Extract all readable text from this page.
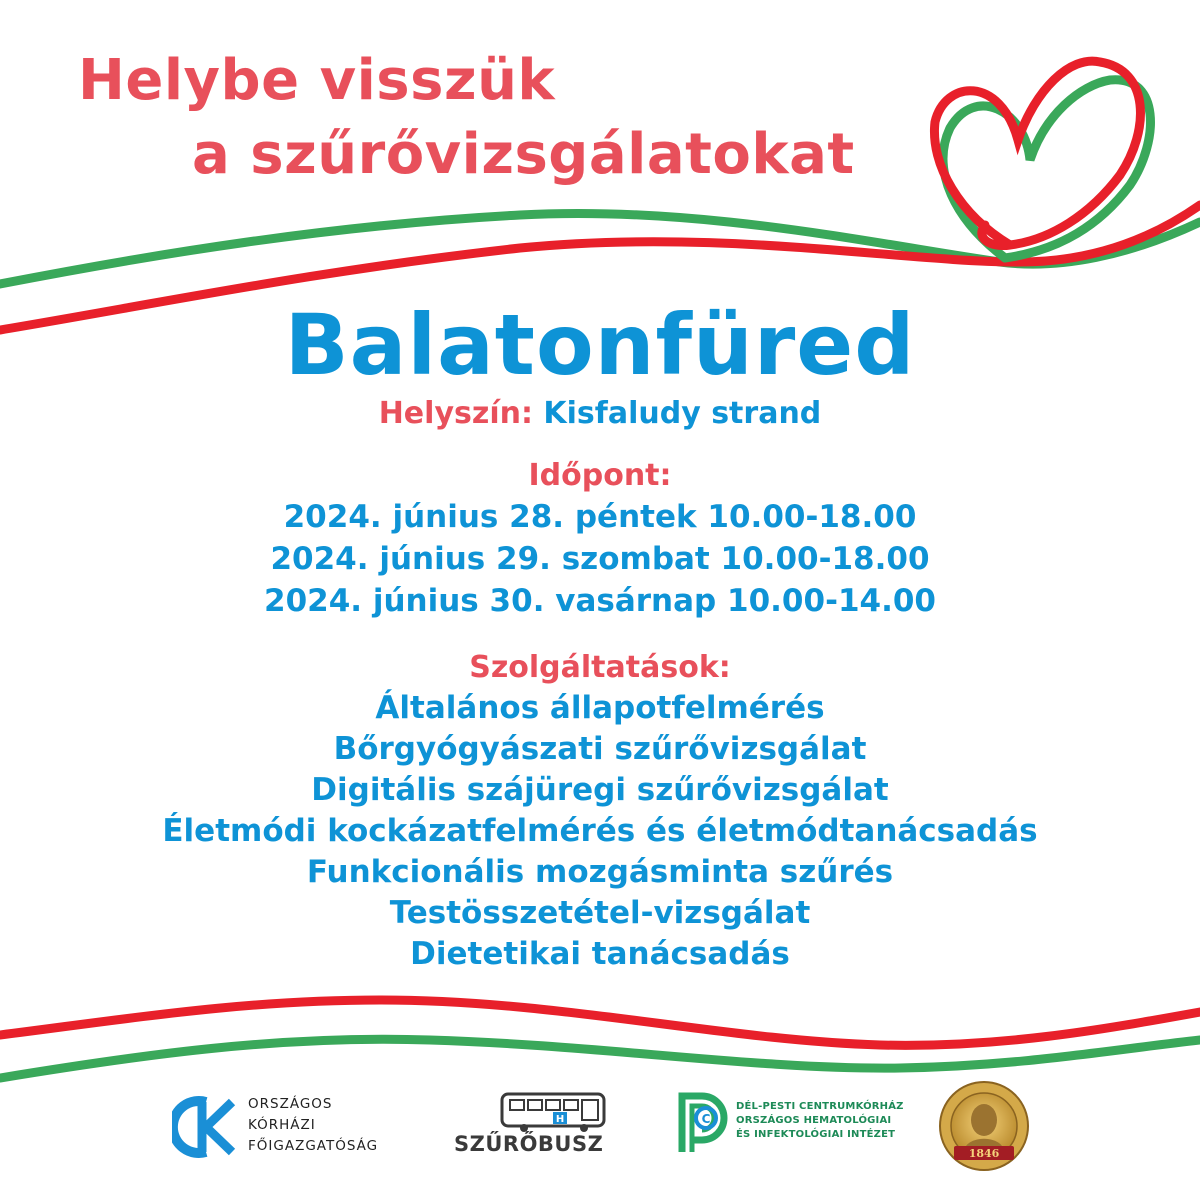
Helybe visszük
a szűrővizsgálatokat
Balatonfüred
Helyszín: Kisfaludy strand
Időpont:
2024. június 28. péntek 10.00-18.00
2024. június 29. szombat 10.00-18.00
2024. június 30. vasárnap 10.00-14.00
Szolgáltatások:
Általános állapotfelmérés
Bőrgyógyászati szűrővizsgálat
Digitális szájüregi szűrővizsgálat
Életmódi kockázatfelmérés és életmódtanácsadás
Funkcionális mozgásminta szűrés
Testösszetétel-vizsgálat
Dietetikai tanácsadás
ORSZÁGOS
KÓRHÁZI
FŐIGAZGATÓSÁG
H
SZŰRŐBUSZ
C
DÉL-PESTI CENTRUMKÓRHÁZ
ORSZÁGOS HEMATOLÓGIAI
ÉS INFEKTOLÓGIAI INTÉZET
1846
